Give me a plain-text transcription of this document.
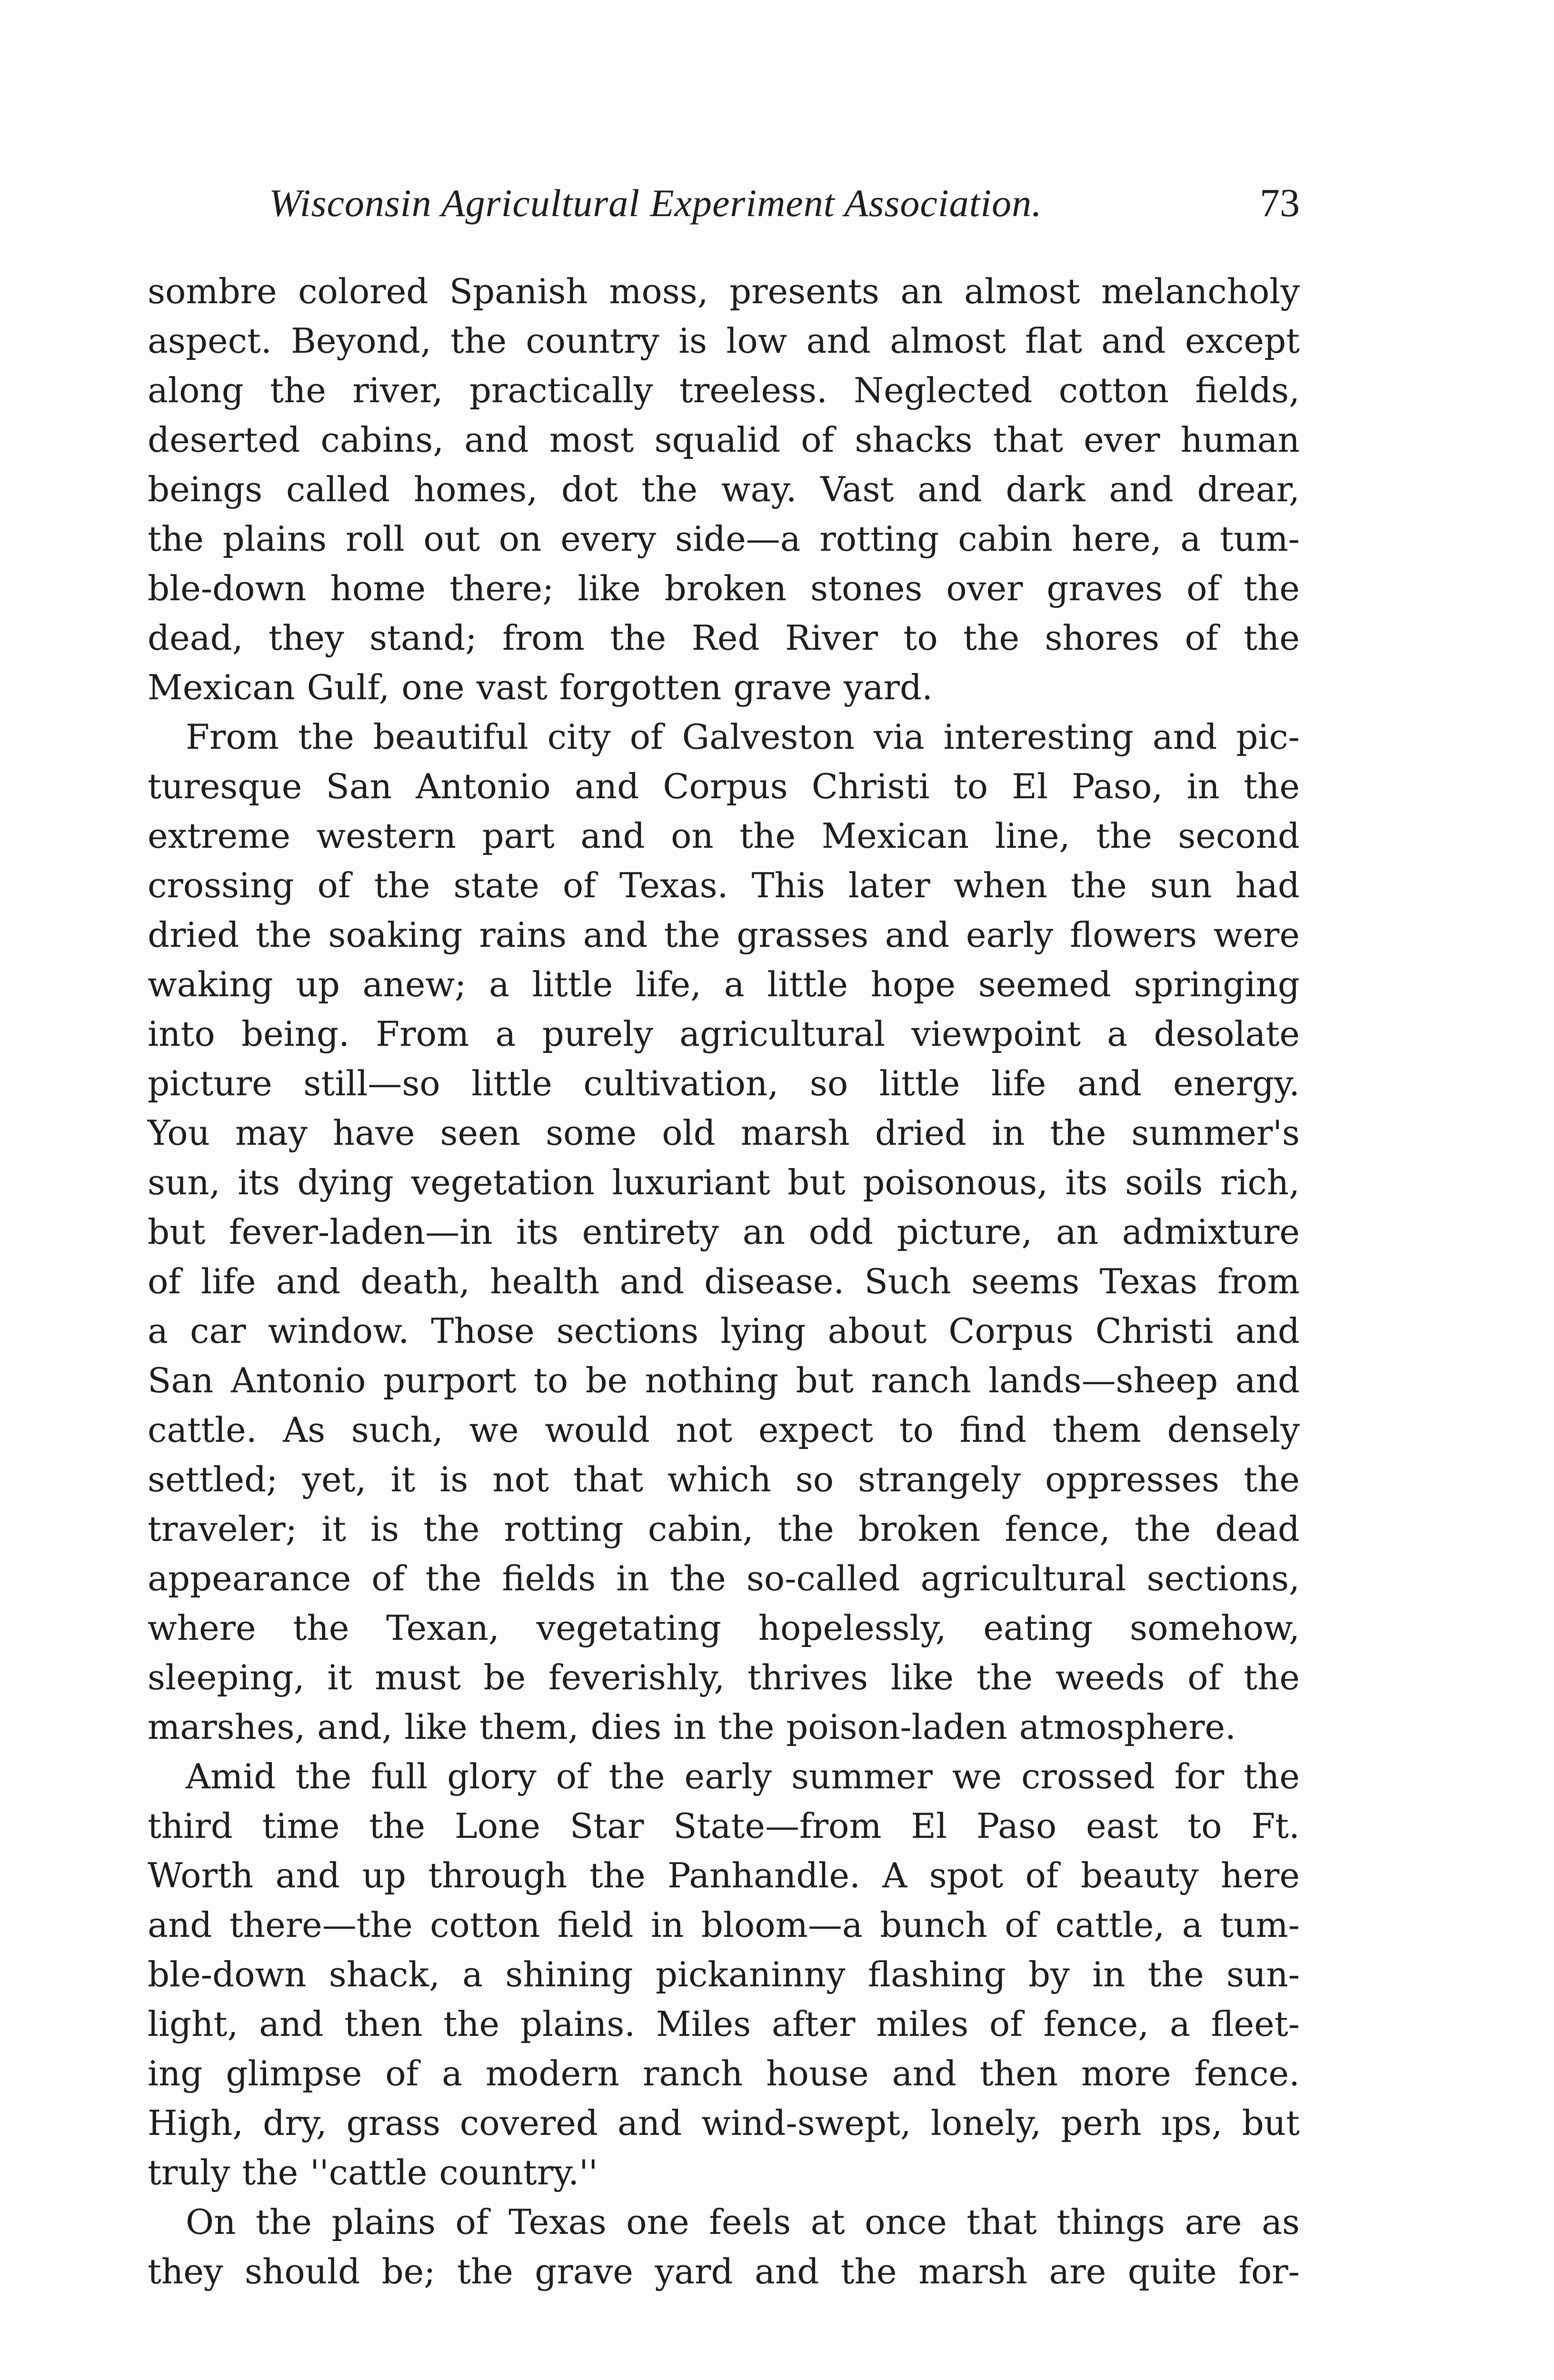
Wisconsin Agricultural Experiment Association.	73
sombre colored Spanish moss, presents an almost melancholy
aspect. Beyond, the country is low and almost flat and except
along the river, practically treeless. Neglected cotton fields,
deserted cabins, and most squalid of shacks that ever human
beings called homes, dot the way. Vast and dark and drear,
the plains roll out on every side—a rotting cabin here, a tum-
ble-down home there; like broken stones over graves of the
dead, they stand; from the Red River to the shores of the
Mexican Gulf, one vast forgotten grave yard.
From the beautiful city of Galveston via interesting and pic-
turesque San Antonio and Corpus Christi to El Paso, in the
extreme western part and on the Mexican line, the second
crossing of the state of Texas. This later when the sun had
dried the soaking rains and the grasses and early flowers were
waking up anew; a little life, a little hope seemed springing
into being. From a purely agricultural viewpoint a desolate
picture still—so little cultivation, so little life and energy.
You may have seen some old marsh dried in the summer's
sun, its dying vegetation luxuriant but poisonous, its soils rich,
but fever-laden—in its entirety an odd picture, an admixture
of life and death, health and disease. Such seems Texas from
a car window. Those sections lying about Corpus Christi and
San Antonio purport to be nothing but ranch lands—sheep and
cattle. As such, we would not expect to find them densely
settled; yet, it is not that which so strangely oppresses the
traveler; it is the rotting cabin, the broken fence, the dead
appearance of the fields in the so-called agricultural sections,
where the Texan, vegetating hopelessly, eating somehow,
sleeping, it must be feverishly, thrives like the weeds of the
marshes, and, like them, dies in the poison-laden atmosphere.
Amid the full glory of the early summer we crossed for the
third time the Lone Star State—from El Paso east to Ft.
Worth and up through the Panhandle. A spot of beauty here
and there—the cotton field in bloom—a bunch of cattle, a tum-
ble-down shack, a shining pickaninny flashing by in the sun-
light, and then the plains. Miles after miles of fence, a fleet-
ing glimpse of a modern ranch house and then more fence.
High, dry, grass covered and wind-swept, lonely, perh ıps, but
truly the ''cattle country.''
On the plains of Texas one feels at once that things are as
they should be; the grave yard and the marsh are quite for-
